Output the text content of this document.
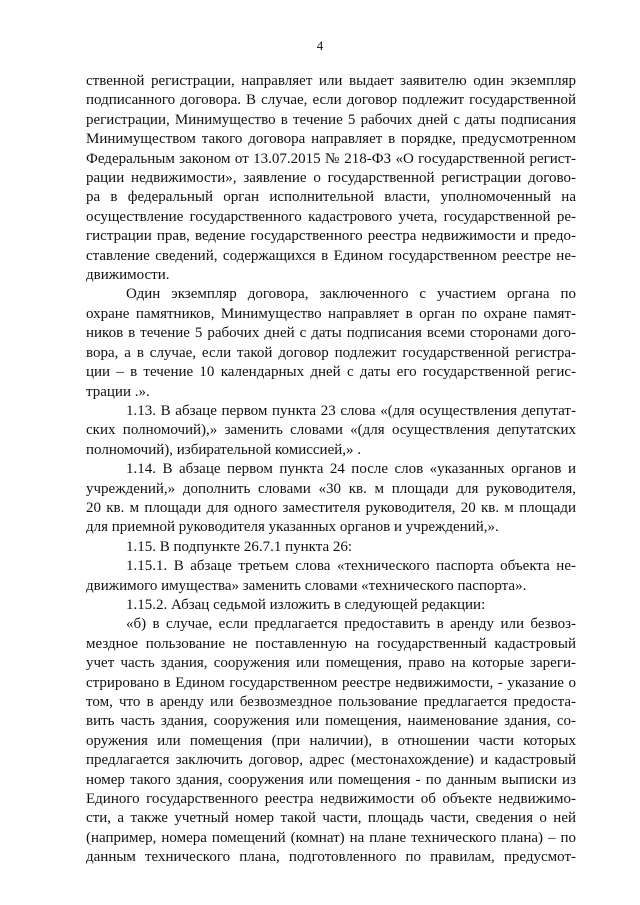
4
ственной регистрации, направляет или выдает заявителю один экземпляр
подписанного договора. В случае, если договор подлежит государственной
регистрации, Минимущество в течение 5 рабочих дней с даты подписания
Минимуществом такого договора направляет в порядке, предусмотренном
Федеральным законом от 13.07.2015 № 218-ФЗ «О государственной регист-
рации недвижимости», заявление о государственной регистрации догово-
ра в федеральный орган исполнительной власти, уполномоченный на
осуществление государственного кадастрового учета, государственной ре-
гистрации прав, ведение государственного реестра недвижимости и предо-
ставление сведений, содержащихся в Едином государственном реестре не-
движимости.
Один экземпляр договора, заключенного с участием органа по
охране памятников, Минимущество направляет в орган по охране памят-
ников в течение 5 рабочих дней с даты подписания всеми сторонами дого-
вора, а в случае, если такой договор подлежит государственной регистра-
ции – в течение 10 календарных дней с даты его государственной регис-
трации .».
1.13. В абзаце первом пункта 23 слова «(для осуществления депутат-
ских полномочий),» заменить словами «(для осуществления депутатских
полномочий), избирательной комиссией,» .
1.14. В абзаце первом пункта 24 после слов «указанных органов и
учреждений,» дополнить словами «30 кв. м площади для руководителя,
20 кв. м площади для одного заместителя руководителя, 20 кв. м площади
для приемной руководителя указанных органов и учреждений,».
1.15. В подпункте 26.7.1 пункта 26:
1.15.1. В абзаце третьем слова «технического паспорта объекта не-
движимого имущества» заменить словами «технического паспорта».
1.15.2. Абзац седьмой изложить в следующей редакции:
«б) в случае, если предлагается предоставить в аренду или безвоз-
мездное пользование не поставленную на государственный кадастровый
учет часть здания, сооружения или помещения, право на которые зареги-
стрировано в Едином государственном реестре недвижимости, - указание о
том, что в аренду или безвозмездное пользование предлагается предоста-
вить часть здания, сооружения или помещения, наименование здания, со-
оружения или помещения (при наличии), в отношении части которых
предлагается заключить договор, адрес (местонахождение) и кадастровый
номер такого здания, сооружения или помещения - по данным выписки из
Единого государственного реестра недвижимости об объекте недвижимо-
сти, а также учетный номер такой части, площадь части, сведения о ней
(например, номера помещений (комнат) на плане технического плана) – по
данным технического плана, подготовленного по правилам, предусмот-
